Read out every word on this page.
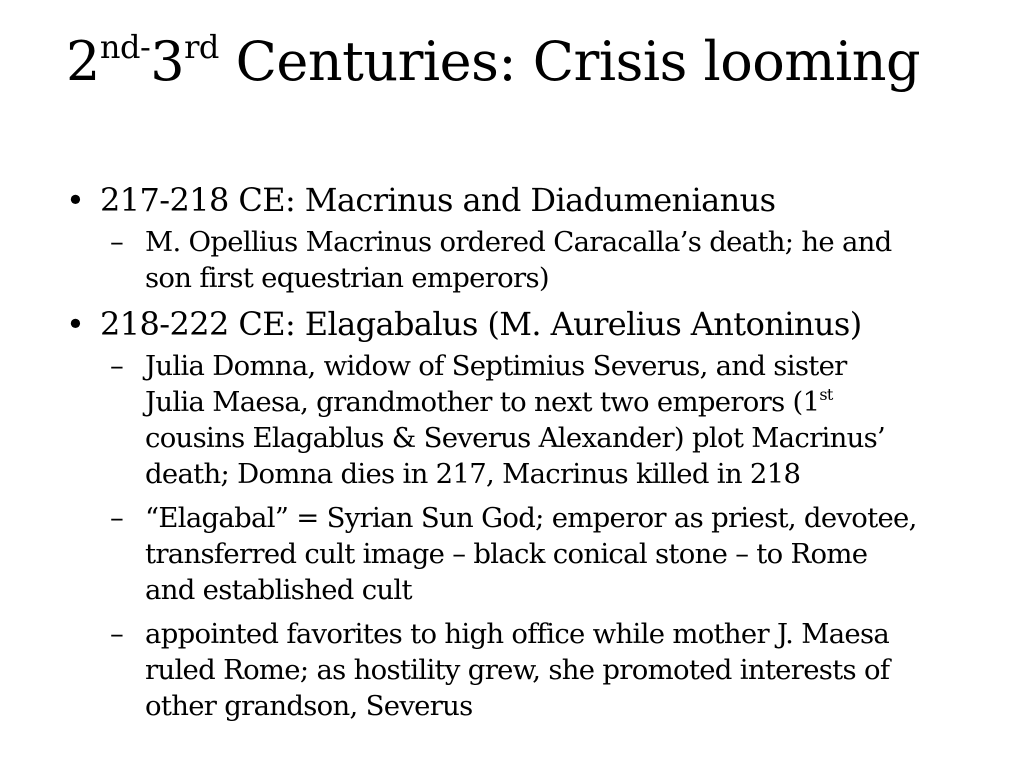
$2^{nd-}3rd$ Centuries: Crisis looming
• 217-218 CE: Macrinus and Diadumenianus
– M. Opellius Macrinus ordered Caracalla’s death; he and
son first equestrian emperors)
• 218-222 CE: Elagabalus (M. Aurelius Antoninus)
– Julia Domna, widow of Septimius Severus, and sister
Julia Maesa, grandmother to next two emperors (1st
cousins Elagablus & Severus Alexander) plot Macrinus’
death; Domna dies in 217, Macrinus killed in 218
– “Elagabal” = Syrian Sun God; emperor as priest, devotee,
transferred cult image – black conical stone – to Rome
and established cult
– appointed favorites to high office while mother J. Maesa
ruled Rome; as hostility grew, she promoted interests of
other grandson, Severus
